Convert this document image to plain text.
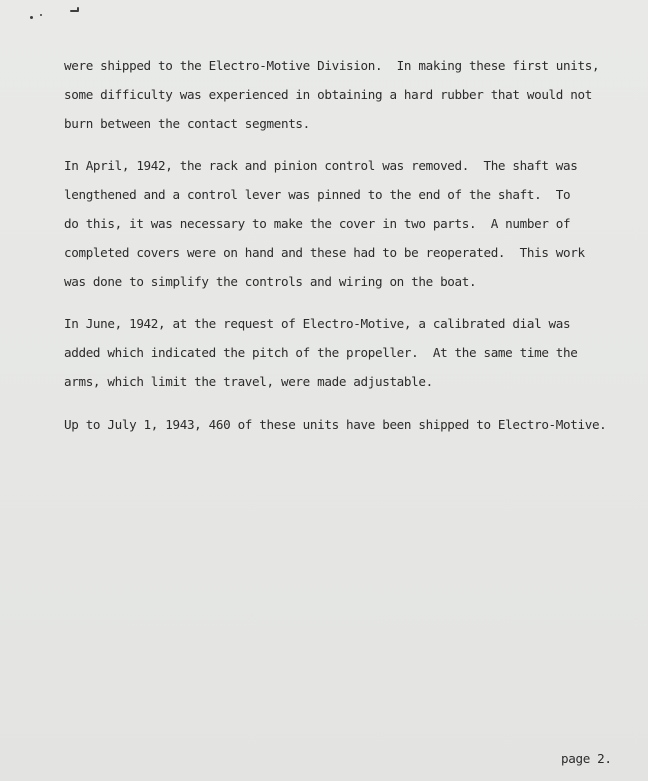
were shipped to the Electro-Motive Division.  In making these first units,
some difficulty was experienced in obtaining a hard rubber that would not
burn between the contact segments.
In April, 1942, the rack and pinion control was removed.  The shaft was
lengthened and a control lever was pinned to the end of the shaft.  To
do this, it was necessary to make the cover in two parts.  A number of
completed covers were on hand and these had to be reoperated.  This work
was done to simplify the controls and wiring on the boat.
In June, 1942, at the request of Electro-Motive, a calibrated dial was
added which indicated the pitch of the propeller.  At the same time the
arms, which limit the travel, were made adjustable.
Up to July 1, 1943, 460 of these units have been shipped to Electro-Motive.
page 2.
